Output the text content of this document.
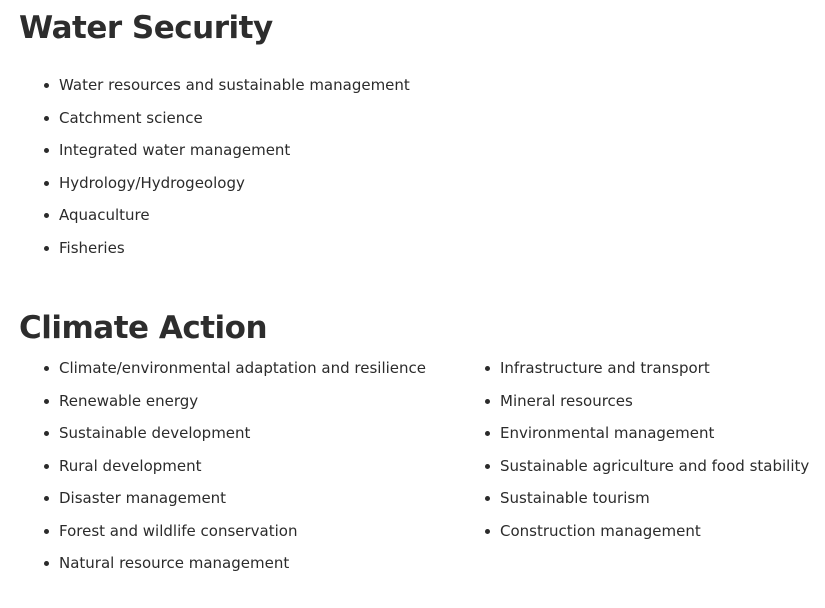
Water Security
Water resources and sustainable management
Catchment science
Integrated water management
Hydrology/Hydrogeology
Aquaculture
Fisheries
Climate Action
Climate/environmental adaptation and resilience
Renewable energy
Sustainable development
Rural development
Disaster management
Forest and wildlife conservation
Natural resource management
Infrastructure and transport
Mineral resources
Environmental management
Sustainable agriculture and food stability
Sustainable tourism
Construction management
